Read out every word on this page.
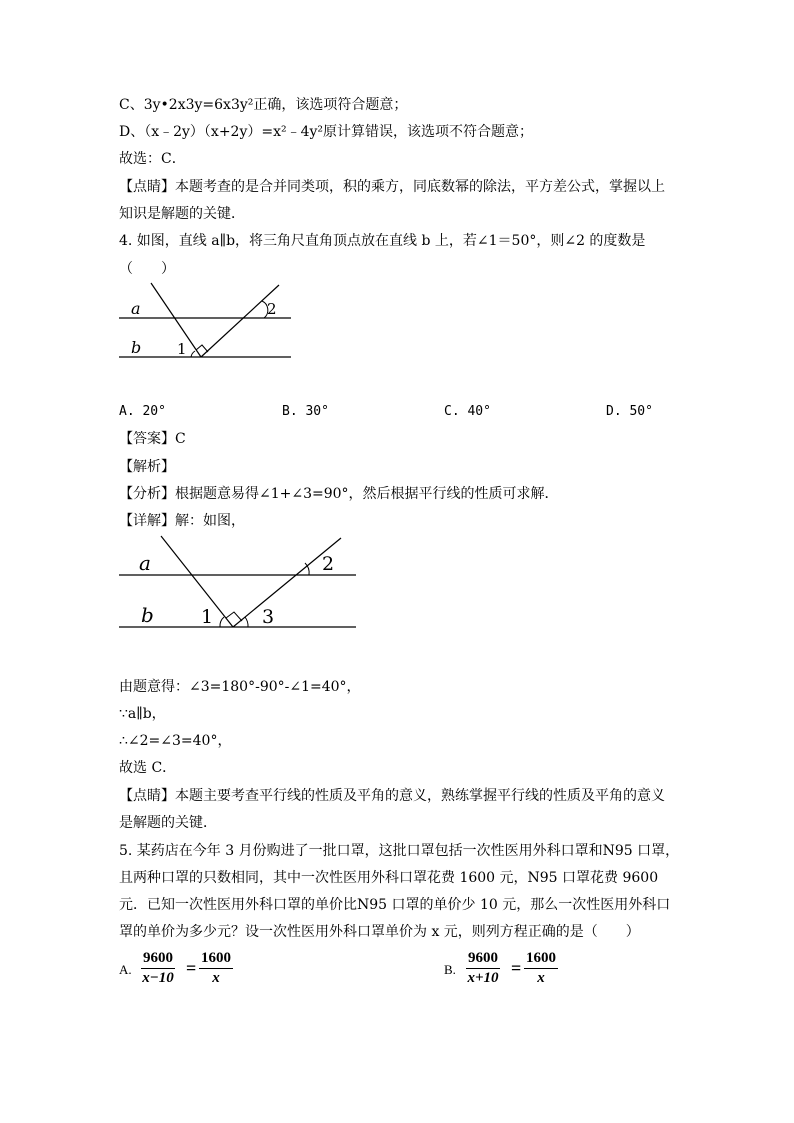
C、3y•2x3y=6x3y²正确，该选项符合题意；
D、（x﹣2y）（x+2y）=x²﹣4y²原计算错误，该选项不符合题意；
故选：C．
【点睛】本题考查的是合并同类项，积的乘方，同底数幂的除法，平方差公式，掌握以上
知识是解题的关键．
4. 如图，直线 a∥b，将三角尺直角顶点放在直线 b 上，若∠1＝50°，则∠2 的度数是
（　　）
a
b 1
2
A. 20°	B. 30°	C. 40°	D. 50°
【答案】C
【解析】
【分析】根据题意易得∠1+∠3=90°，然后根据平行线的性质可求解．
【详解】解：如图，
a
b 1	3
2
由题意得：∠3=180°-90°-∠1=40°，
∵a∥b，
∴∠2=∠3=40°，
故选 C．
【点睛】本题主要考查平行线的性质及平角的意义，熟练掌握平行线的性质及平角的意义
是解题的关键．
5. 某药店在今年 3 月份购进了一批口罩，这批口罩包括一次性医用外科口罩和N95 口罩，
且两种口罩的只数相同，其中一次性医用外科口罩花费 1600 元，N95 口罩花费 9600
元．已知一次性医用外科口罩的单价比N95 口罩的单价少 10 元，那么一次性医用外科口
罩的单价为多少元？设一次性医用外科口罩单价为 x 元，则列方程正确的是（　　）
A. $\frac{9600}{x-10} = \frac{1600}{x}$	B. $\frac{9600}{x+10} = \frac{1600}{x}$
